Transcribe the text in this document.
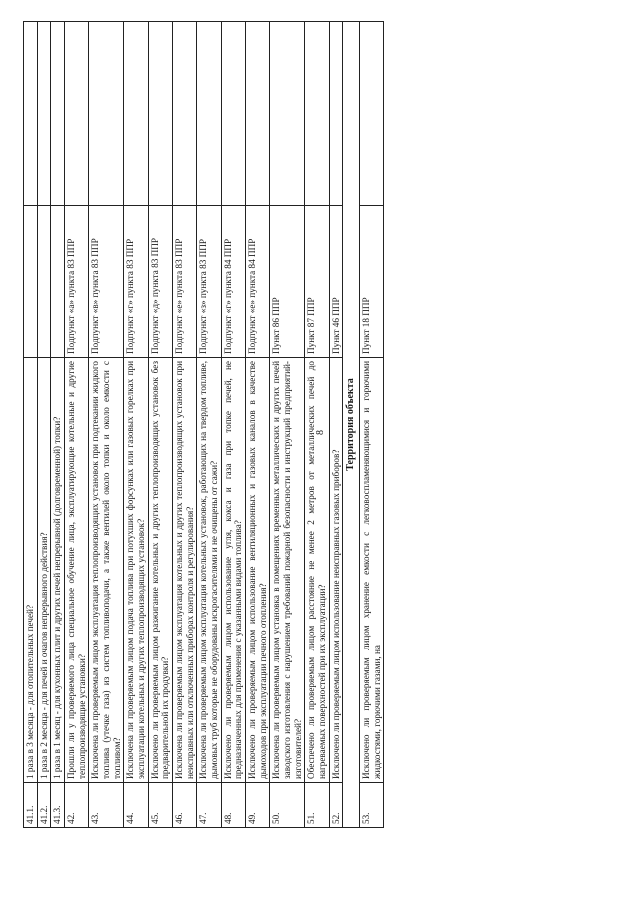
8
41.1.	1 раза в 3 месяца - для отопительных печей?		
41.2.	1 раза в 2 месяца - для печей и очагов непрерывного действия?		
41.3.	1 раза в 1 месяц - для кухонных плит и других печей непрерывной (долговременной) топки?		
42.	Прошли ли у проверяемого лица специальное обучение лица, эксплуатирующие котельные и другие теплопроизводящие установки?	Подпункт «а» пункта 83 ППР	
43.	Исключена ли проверяемым лицом эксплуатация теплопроизводящих установок при подтекании жидкого топлива (утечке газа) из систем топливоподачи, а также вентилей около топки и около емкости с топливом?	Подпункт «в» пункта 83 ППР	
44.	Исключена ли проверяемым лицом подача топлива при потухших форсунках или газовых горелках при эксплуатации котельных и других теплопроизводящих установок?	Подпункт «г» пункта 83 ППР	
45.	Исключено ли проверяемым лицом разжигание котельных и других теплопроизводящих установок без предварительной их продувки?	Подпункт «д» пункта 83 ППР	
46.	Исключена ли проверяемым лицом эксплуатация котельных и других теплопроизводящих установок при неисправных или отключенных приборах контроля и регулирования?	Подпункт «е» пункта 83 ППР	
47.	Исключена ли проверяемым лицом эксплуатация котельных установок, работающих на твердом топливе, дымовых труб которые не оборудованы искрогасителями и не очищены от сажи?	Подпункт «з» пункта 83 ППР	
48.	Исключено ли проверяемым лицом использование угля, кокса и газа при топке печей, не предназначенных для применения с указанными видами топлива?	Подпункт «г» пункта 84 ППР	
49.	Исключено ли проверяемым лицом использование вентиляционных и газовых каналов в качестве дымоходов при эксплуатации печного отопления?	Подпункт «е» пункта 84 ППР	
50.	Исключена ли проверяемым лицом установка в помещениях временных металлических и других печей заводского изготовления с нарушением требований пожарной безопасности и инструкций предприятий-изготовителей?	Пункт 86 ППР	
51.	Обеспечено ли проверяемым лицом расстояние не менее 2 метров от металлических печей до нагреваемых поверхностей при их эксплуатации?	Пункт 87 ППР	
52.	Исключено ли проверяемым лицом использование неисправных газовых приборов?	Пункт 46 ППР	
Территория объекта			
53.	Исключено ли проверяемым лицом хранение емкости с легковоспламеняющимися и горючими жидкостями, горючими газами, на	Пункт 18 ППР	
